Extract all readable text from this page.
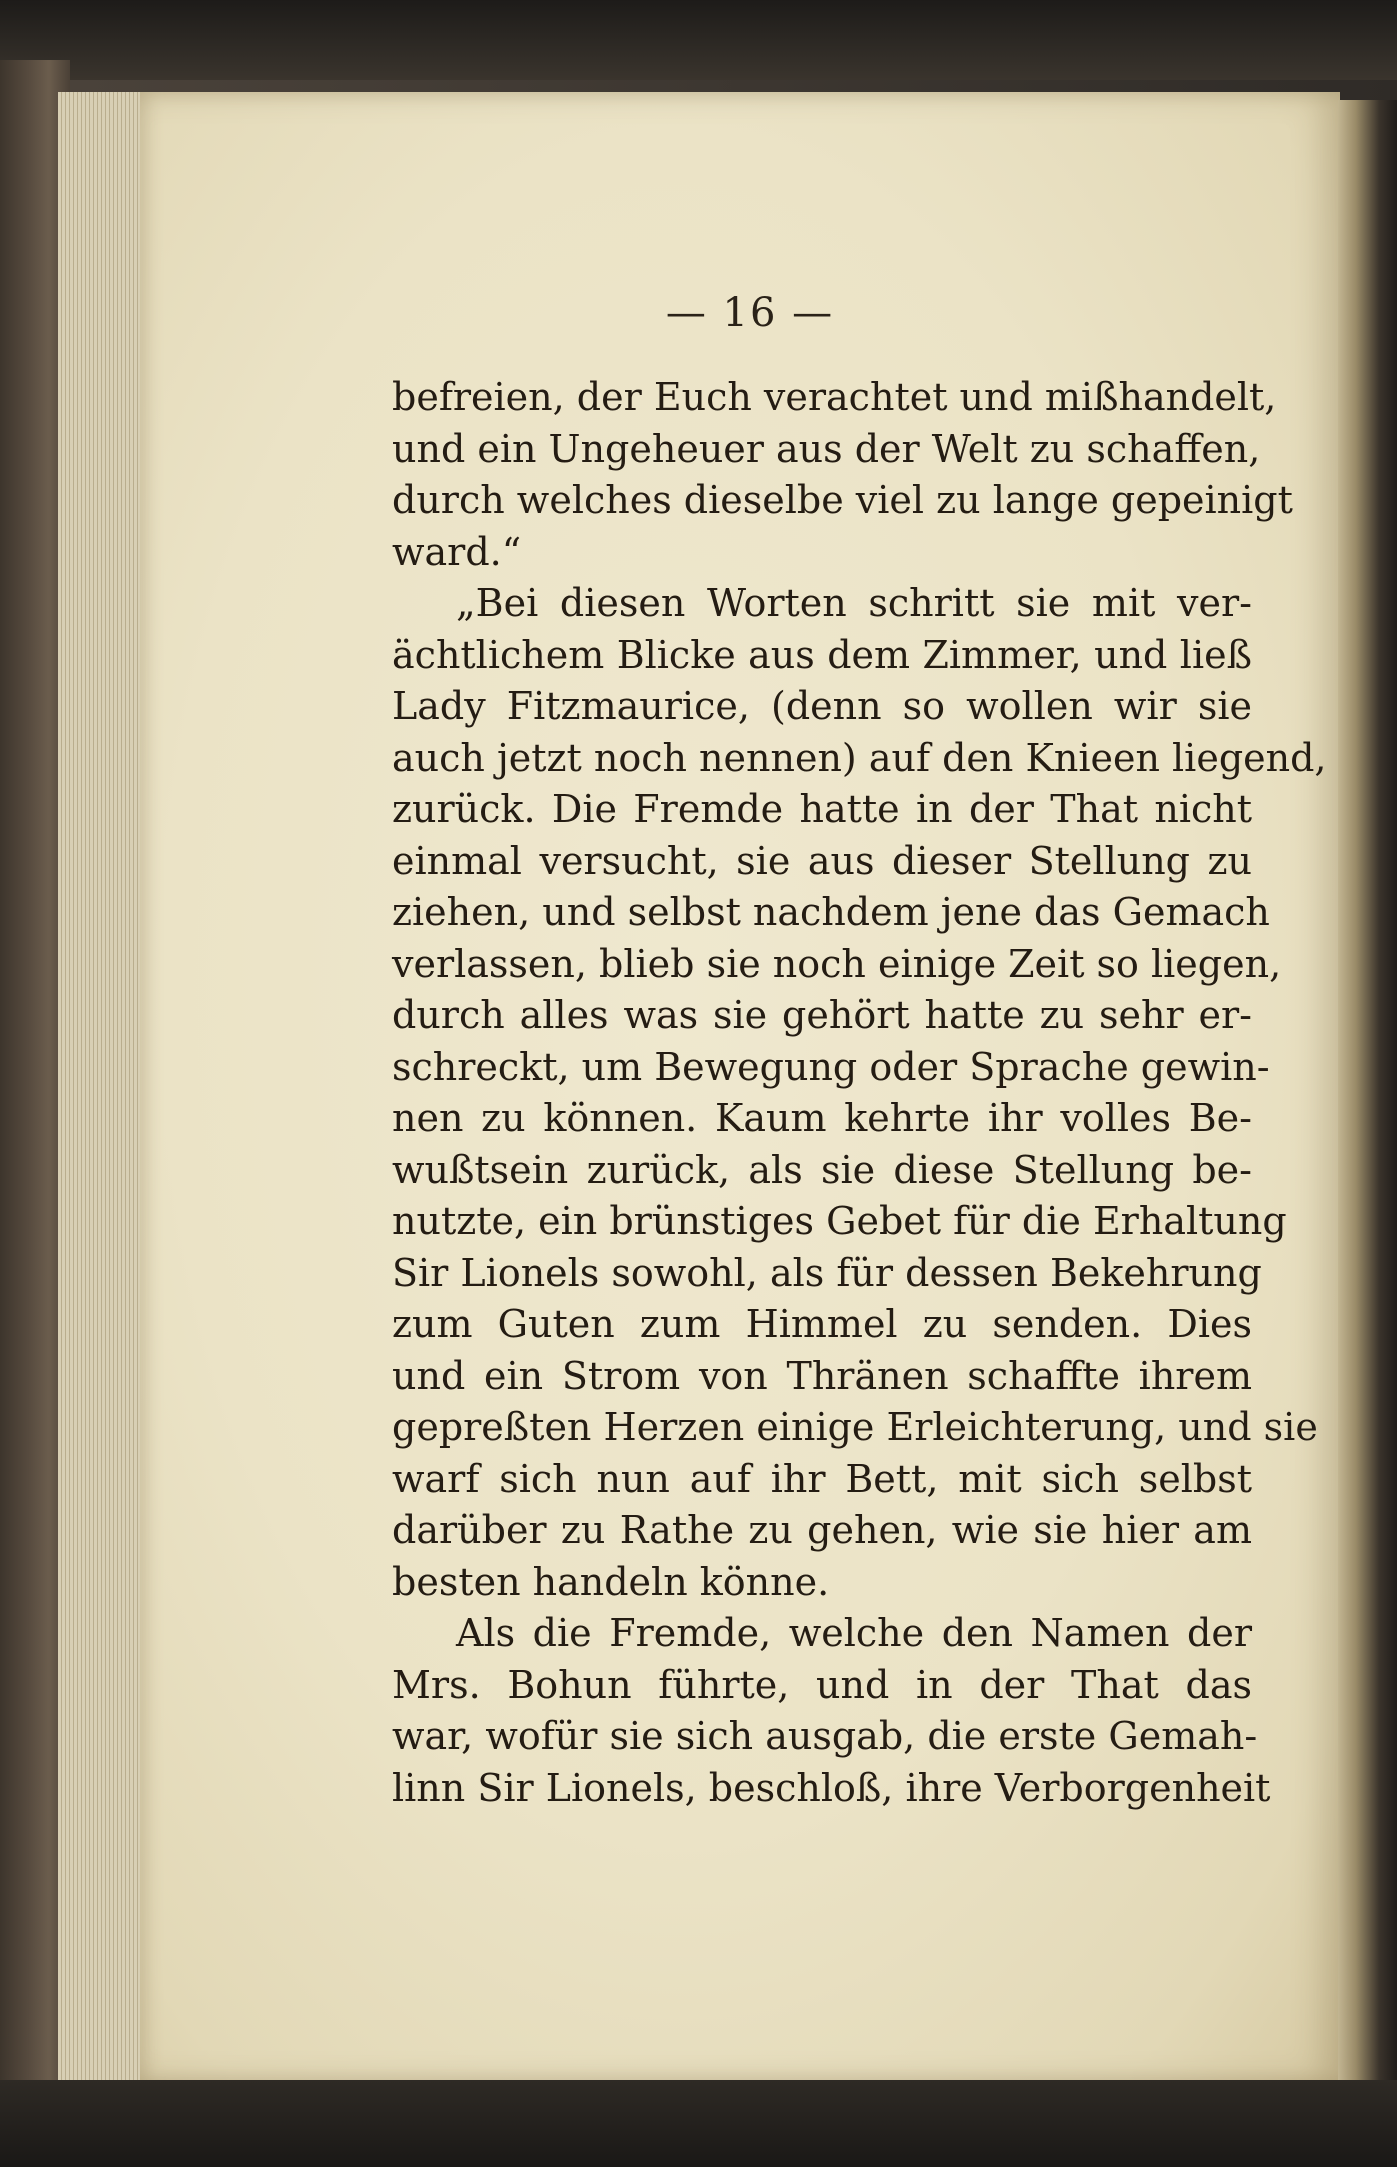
— 16 —
befreien, der Euch verachtet und mißhandelt,
und ein Ungeheuer aus der Welt zu schaffen,
durch welches dieselbe viel zu lange gepeinigt
ward.“
„Bei diesen Worten schritt sie mit ver-
ächtlichem Blicke aus dem Zimmer, und ließ
Lady Fitzmaurice, (denn so wollen wir sie
auch jetzt noch nennen) auf den Knieen liegend,
zurück. Die Fremde hatte in der That nicht
einmal versucht, sie aus dieser Stellung zu
ziehen, und selbst nachdem jene das Gemach
verlassen, blieb sie noch einige Zeit so liegen,
durch alles was sie gehört hatte zu sehr er-
schreckt, um Bewegung oder Sprache gewin-
nen zu können. Kaum kehrte ihr volles Be-
wußtsein zurück, als sie diese Stellung be-
nutzte, ein brünstiges Gebet für die Erhaltung
Sir Lionels sowohl, als für dessen Bekehrung
zum Guten zum Himmel zu senden. Dies
und ein Strom von Thränen schaffte ihrem
gepreßten Herzen einige Erleichterung, und sie
warf sich nun auf ihr Bett, mit sich selbst
darüber zu Rathe zu gehen, wie sie hier am
besten handeln könne.
Als die Fremde, welche den Namen der
Mrs. Bohun führte, und in der That das
war, wofür sie sich ausgab, die erste Gemah-
linn Sir Lionels, beschloß, ihre Verborgenheit
